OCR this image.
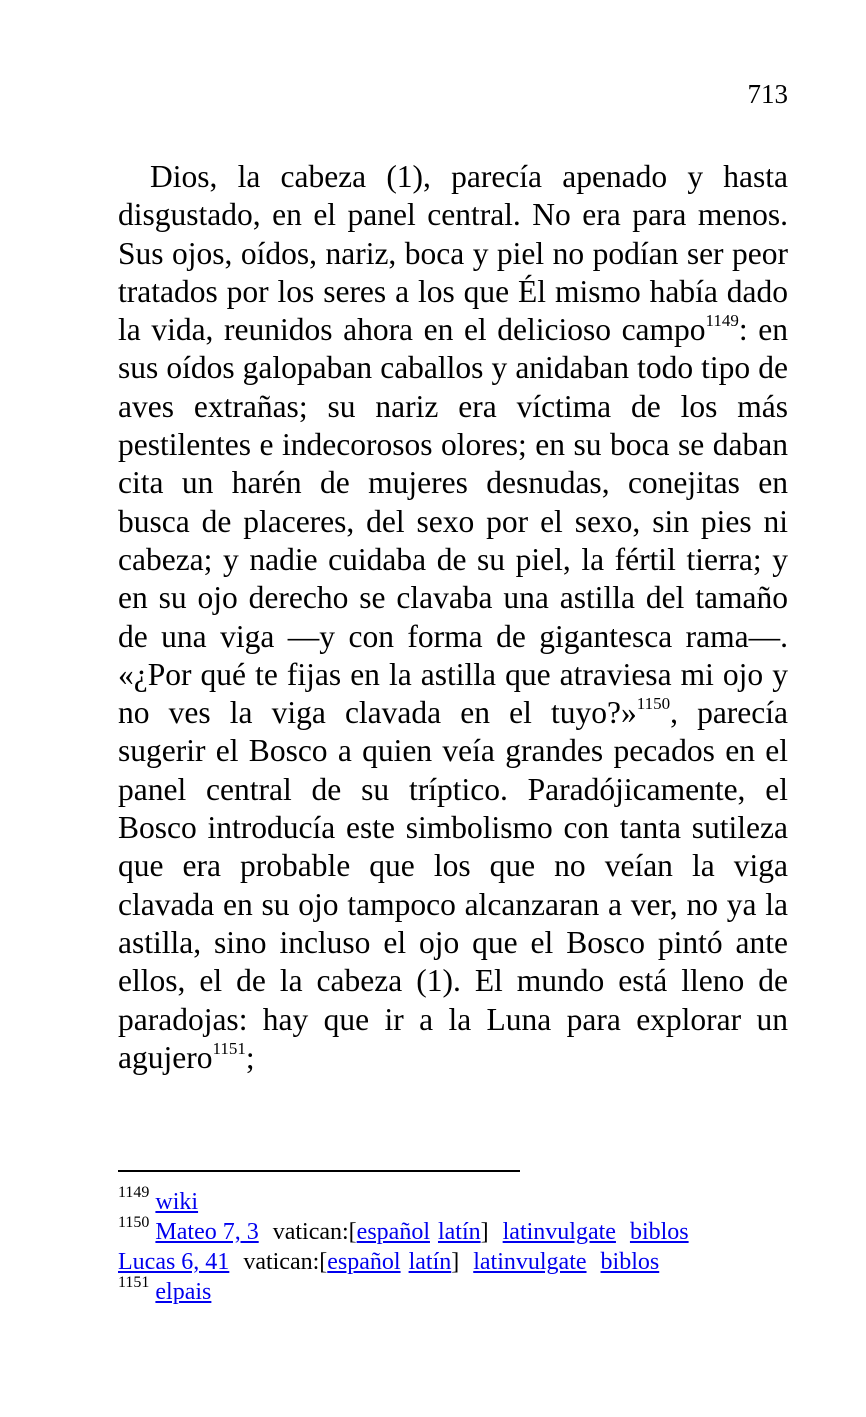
713

Dios, la cabeza (1), parecía apenado y hasta disgustado, en el panel central. No era para menos. Sus ojos, oídos, nariz, boca y piel no podían ser peor tratados por los seres a los que Él mismo había dado la vida, reunidos ahora en el delicioso campo$^{1149}$: en sus oídos galopaban caballos y anidaban todo tipo de aves extrañas; su nariz era víctima de los más pestilentes e indecorosos olores; en su boca se daban cita un harén de mujeres desnudas, conejitas en busca de placeres, del sexo por el sexo, sin pies ni cabeza; y nadie cuidaba de su piel, la fértil tierra; y en su ojo derecho se clavaba una astilla del tamaño de una viga —y con forma de gigantesca rama—. «¿Por qué te fijas en la astilla que atraviesa mi ojo y no ves la viga clavada en el tuyo?»$^{1150}$, parecía sugerir el Bosco a quien veía grandes pecados en el panel central de su tríptico. Paradójicamente, el Bosco introducía este simbolismo con tanta sutileza que era probable que los que no veían la viga clavada en su ojo tampoco alcanzaran a ver, no ya la astilla, sino incluso el ojo que el Bosco pintó ante ellos, el de la cabeza (1). El mundo está lleno de paradojas: hay que ir a la Luna para explorar un agujero$^{1151}$;

$^{1149}$ wiki
$^{1150}$ Mateo 7, 3 vatican:[español latín] latinvulgate biblos
Lucas 6, 41 vatican:[español latín] latinvulgate biblos
$^{1151}$ elpais
